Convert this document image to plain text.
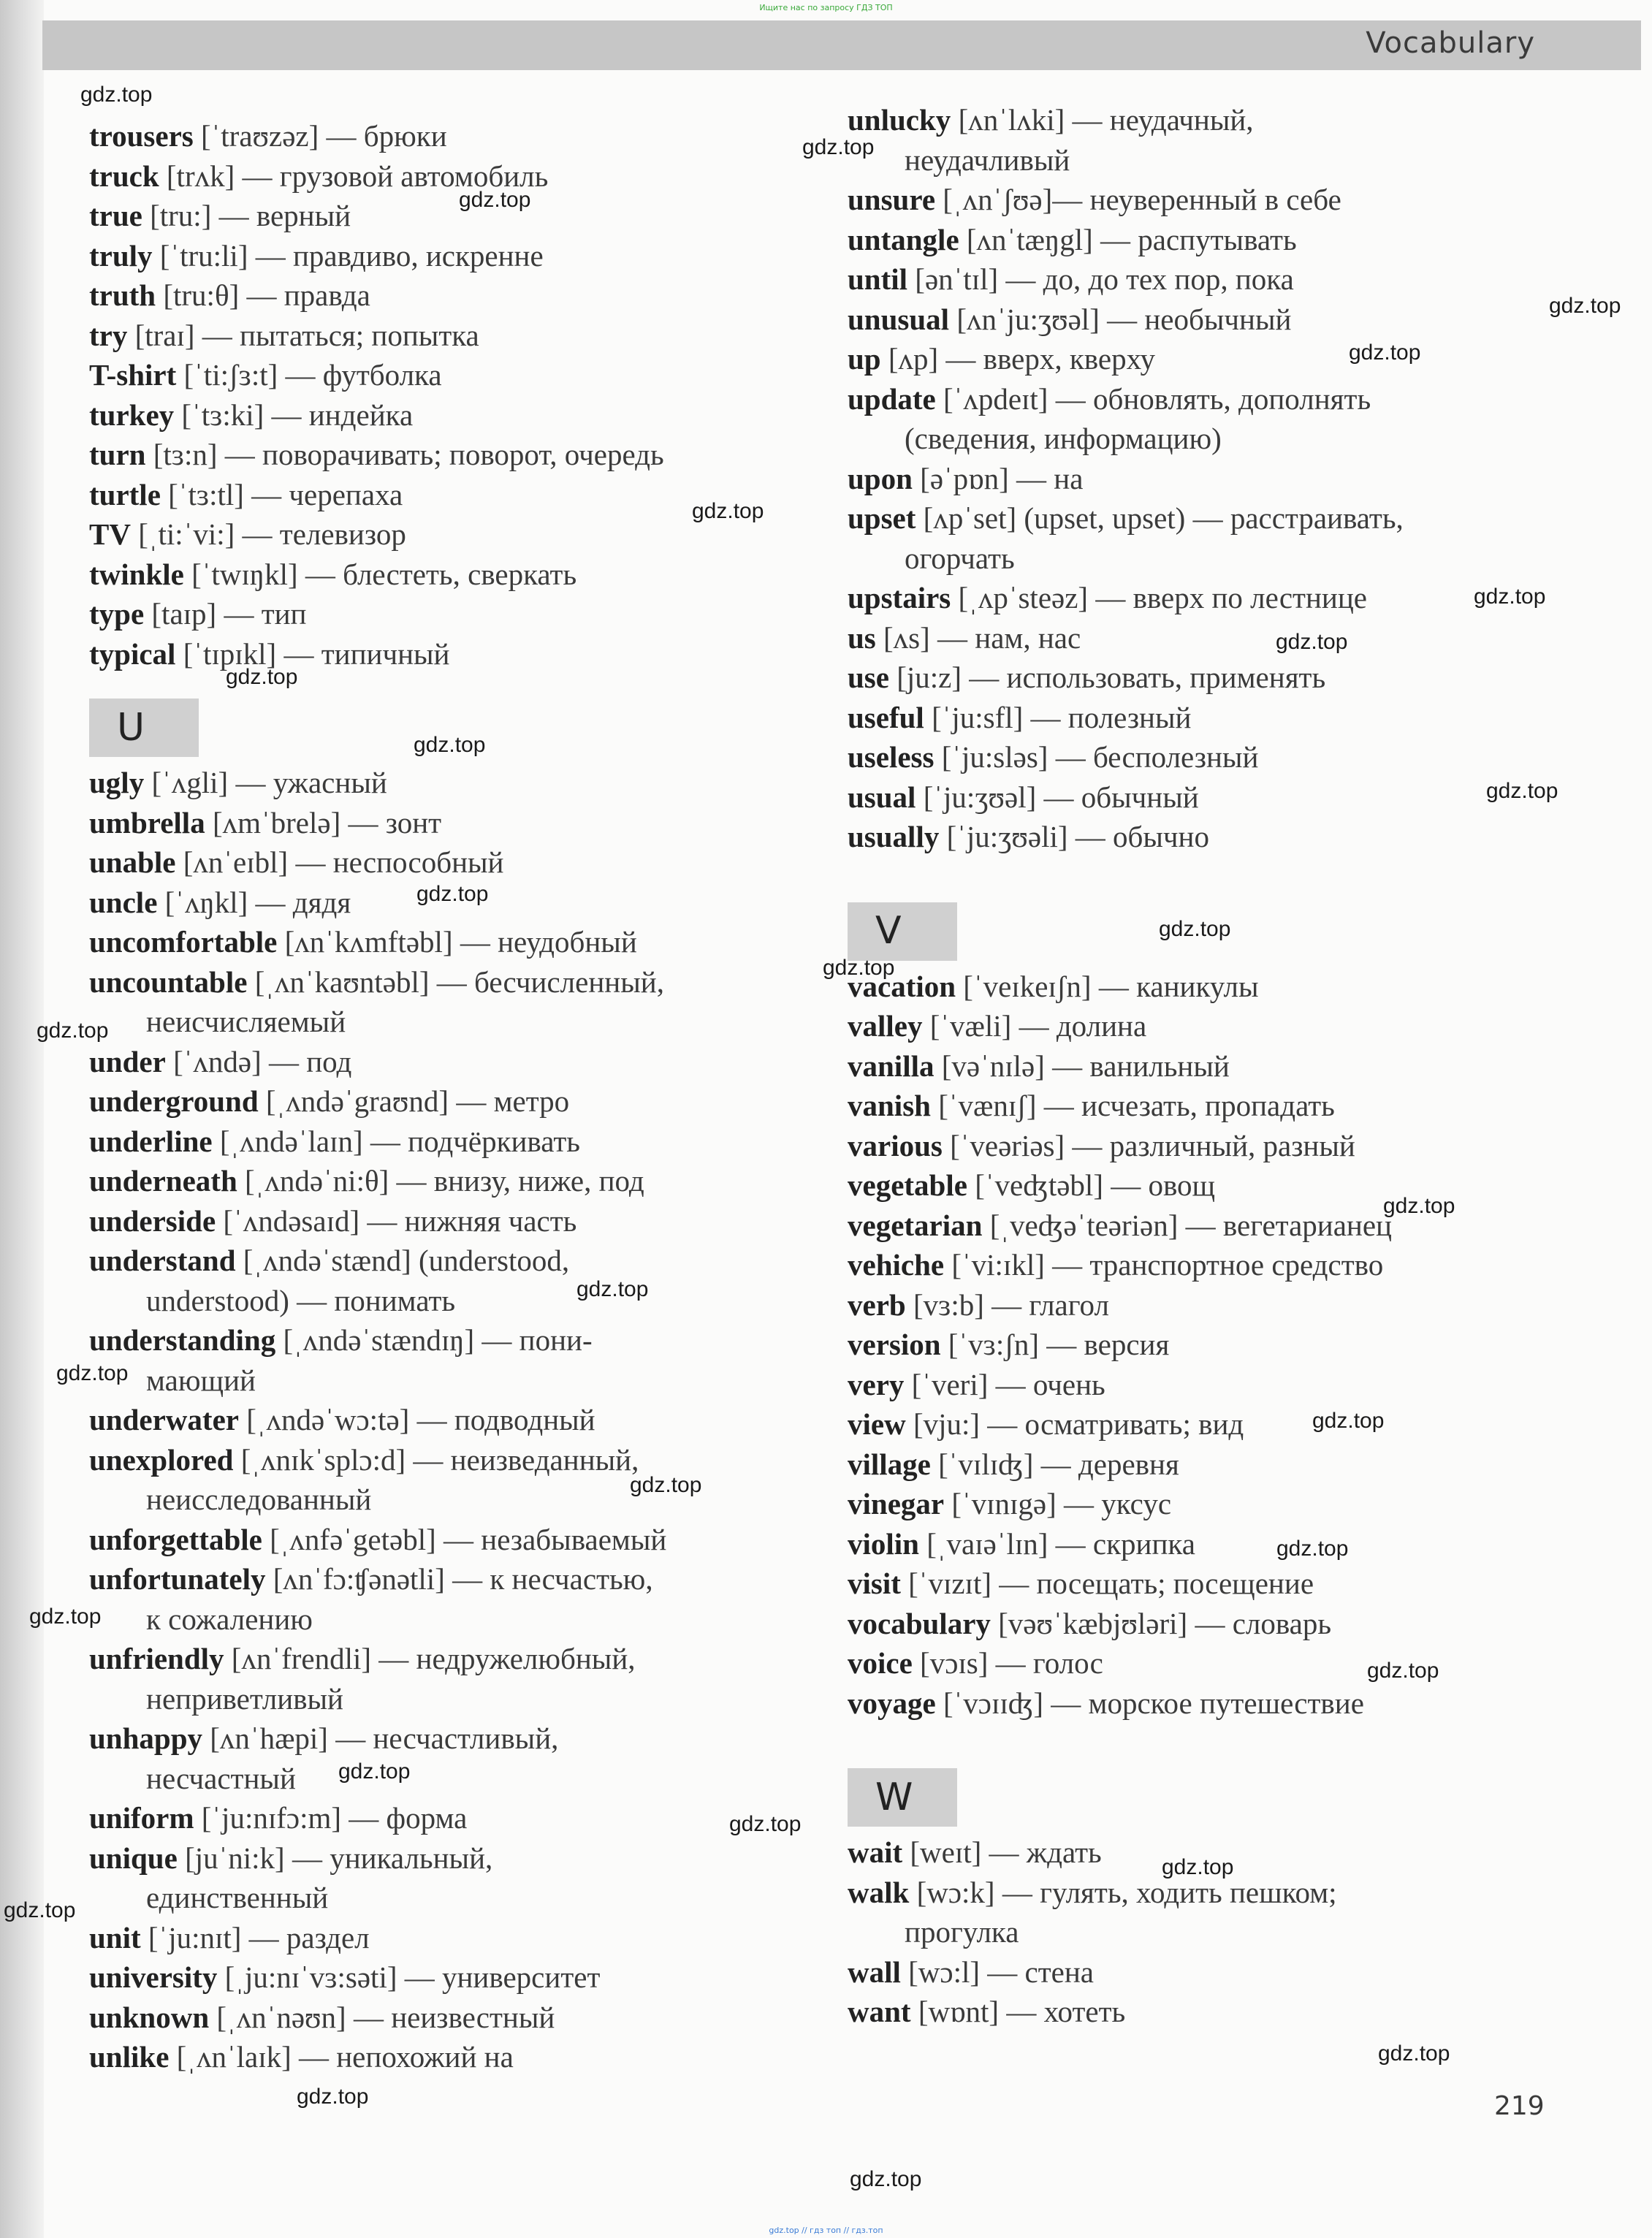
Ищите нас по запросу ГДЗ ТОП
Vocabulary
trousers [ˈtraʊzəz] — брюки
truck [trʌk] — грузовой автомобиль
true [tru:] — верный
truly [ˈtru:li] — правдиво, искренне
truth [tru:θ] — правда
try [traɪ] — пытаться; попытка
T-shirt [ˈti:ʃɜ:t] — футболка
turkey [ˈtɜ:ki] — индейка
turn [tɜ:n] — поворачивать; поворот, очередь
turtle [ˈtɜ:tl] — черепаха
TV [ˌti:ˈvi:] — телевизор
twinkle [ˈtwɪŋkl] — блестеть, сверкать
type [taɪp] — тип
typical [ˈtɪpɪkl] — типичный
U
ugly [ˈʌgli] — ужасный
umbrella [ʌmˈbrelə] — зонт
unable [ʌnˈeɪbl] — неспособный
uncle [ˈʌŋkl] — дядя
uncomfortable [ʌnˈkʌmftəbl] — неудобный
uncountable [ˌʌnˈkaʊntəbl] — бесчисленный,
неисчисляемый
under [ˈʌndə] — под
underground [ˌʌndəˈgraʊnd] — метро
underline [ˌʌndəˈlaɪn] — подчёркивать
underneath [ˌʌndəˈni:θ] — внизу, ниже, под
underside [ˈʌndəsaɪd] — нижняя часть
understand [ˌʌndəˈstænd] (understood,
understood) — понимать
understanding [ˌʌndəˈstændɪŋ] — пони-
мающий
underwater [ˌʌndəˈwɔ:tə] — подводный
unexplored [ˌʌnɪkˈsplɔ:d] — неизведанный,
неисследованный
unforgettable [ˌʌnfəˈgetəbl] — незабываемый
unfortunately [ʌnˈfɔ:ʧənətli] — к несчастью,
к сожалению
unfriendly [ʌnˈfrendli] — недружелюбный,
неприветливый
unhappy [ʌnˈhæpi] — несчастливый,
несчастный
uniform [ˈju:nɪfɔ:m] — форма
unique [juˈni:k] — уникальный,
единственный
unit [ˈju:nɪt] — раздел
university [ˌju:nɪˈvɜ:səti] — университет
unknown [ˌʌnˈnəʊn] — неизвестный
unlike [ˌʌnˈlaɪk] — непохожий на
unlucky [ʌnˈlʌki] — неудачный,
неудачливый
unsure [ˌʌnˈʃʊə]— неуверенный в себе
untangle [ʌnˈtæŋgl] — распутывать
until [ənˈtɪl] — до, до тех пор, пока
unusual [ʌnˈju:ʒʊəl] — необычный
up [ʌp] — вверх, кверху
update [ˈʌpdeɪt] — обновлять, дополнять
(сведения, информацию)
upon [əˈpɒn] — на
upset [ʌpˈset] (upset, upset) — расстраивать,
огорчать
upstairs [ˌʌpˈsteəz] — вверх по лестнице
us [ʌs] — нам, нас
use [ju:z] — использовать, применять
useful [ˈju:sfl] — полезный
useless [ˈju:sləs] — бесполезный
usual [ˈju:ʒʊəl] — обычный
usually [ˈju:ʒʊəli] — обычно
V
vacation [ˈveɪkeɪʃn] — каникулы
valley [ˈvæli] — долина
vanilla [vəˈnɪlə] — ванильный
vanish [ˈvænɪʃ] — исчезать, пропадать
various [ˈveəriəs] — различный, разный
vegetable [ˈveʤtəbl] — овощ
vegetarian [ˌveʤəˈteəriən] — вегетарианец
vehiche [ˈvi:ɪkl] — транспортное средство
verb [vɜ:b] — глагол
version [ˈvɜ:ʃn] — версия
very [ˈveri] — очень
view [vju:] — осматривать; вид
village [ˈvɪlɪʤ] — деревня
vinegar [ˈvɪnɪgə] — уксус
violin [ˌvaɪəˈlɪn] — скрипка
visit [ˈvɪzɪt] — посещать; посещение
vocabulary [vəʊˈkæbjʊləri] — словарь
voice [vɔɪs] — голос
voyage [ˈvɔɪɪʤ] — морское путешествие
W
wait [weɪt] — ждать
walk [wɔ:k] — гулять, ходить пешком;
прогулка
wall [wɔ:l] — стена
want [wɒnt] — хотеть
219
gdz.top // гдз топ // гдз.топ
gdz.top
gdz.top
gdz.top
gdz.top
gdz.top
gdz.top
gdz.top
gdz.top
gdz.top
gdz.top
gdz.top
gdz.top
gdz.top
gdz.top
gdz.top
gdz.top
gdz.top
gdz.top
gdz.top
gdz.top
gdz.top
gdz.top
gdz.top
gdz.top
gdz.top
gdz.top
gdz.top
gdz.top
gdz.top
gdz.top
